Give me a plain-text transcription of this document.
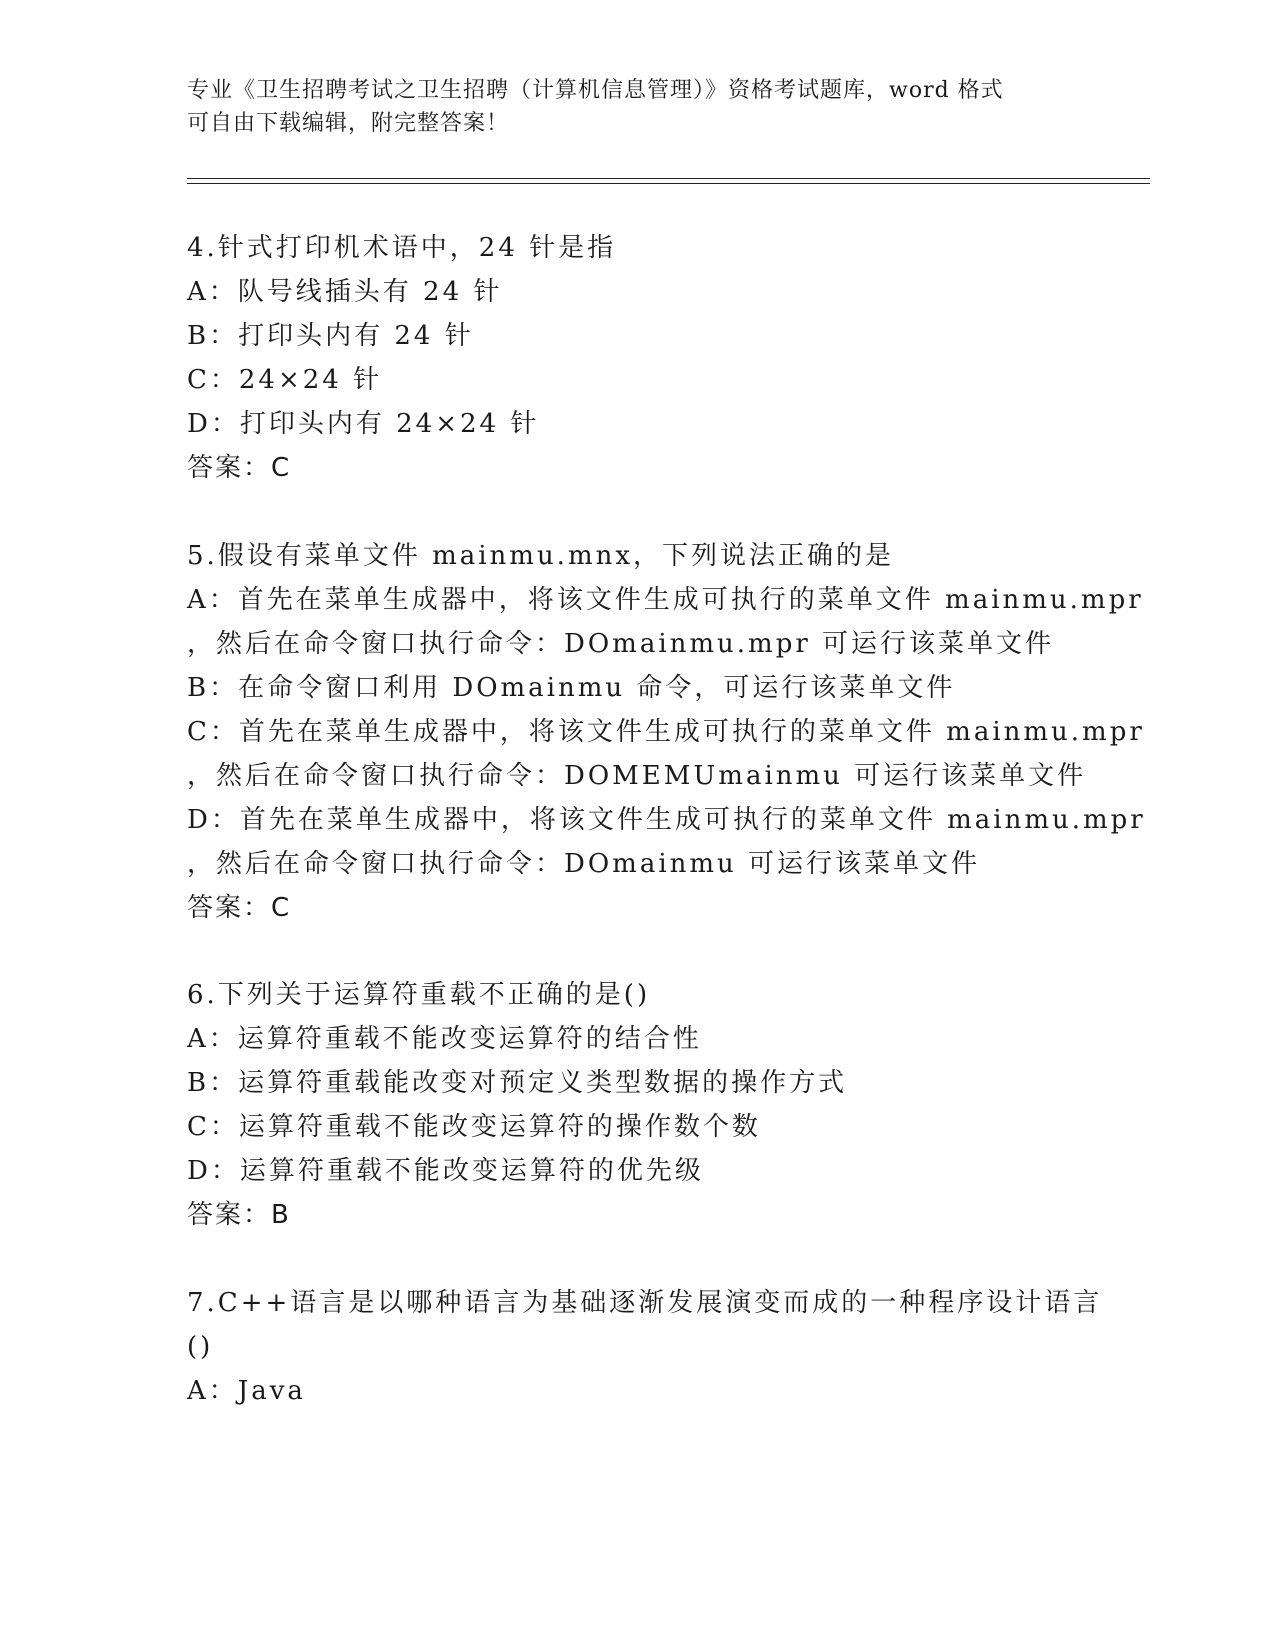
专业《卫生招聘考试之卫生招聘（计算机信息管理）》资格考试题库，word 格式
可自由下载编辑，附完整答案！
4.针式打印机术语中，24 针是指
A：队号线插头有 24 针
B：打印头内有 24 针
C：24×24 针
D：打印头内有 24×24 针
答案：C
5.假设有菜单文件 mainmu.mnx，下列说法正确的是
A：首先在菜单生成器中，将该文件生成可执行的菜单文件 mainmu.mpr
，然后在命令窗口执行命令：DOmainmu.mpr 可运行该菜单文件
B：在命令窗口利用 DOmainmu 命令，可运行该菜单文件
C：首先在菜单生成器中，将该文件生成可执行的菜单文件 mainmu.mpr
，然后在命令窗口执行命令：DOMEMUmainmu 可运行该菜单文件
D：首先在菜单生成器中，将该文件生成可执行的菜单文件 mainmu.mpr
，然后在命令窗口执行命令：DOmainmu 可运行该菜单文件
答案：C
6.下列关于运算符重载不正确的是()
A：运算符重载不能改变运算符的结合性
B：运算符重载能改变对预定义类型数据的操作方式
C：运算符重载不能改变运算符的操作数个数
D：运算符重载不能改变运算符的优先级
答案：B
7.C++语言是以哪种语言为基础逐渐发展演变而成的一种程序设计语言
()
A：Java
